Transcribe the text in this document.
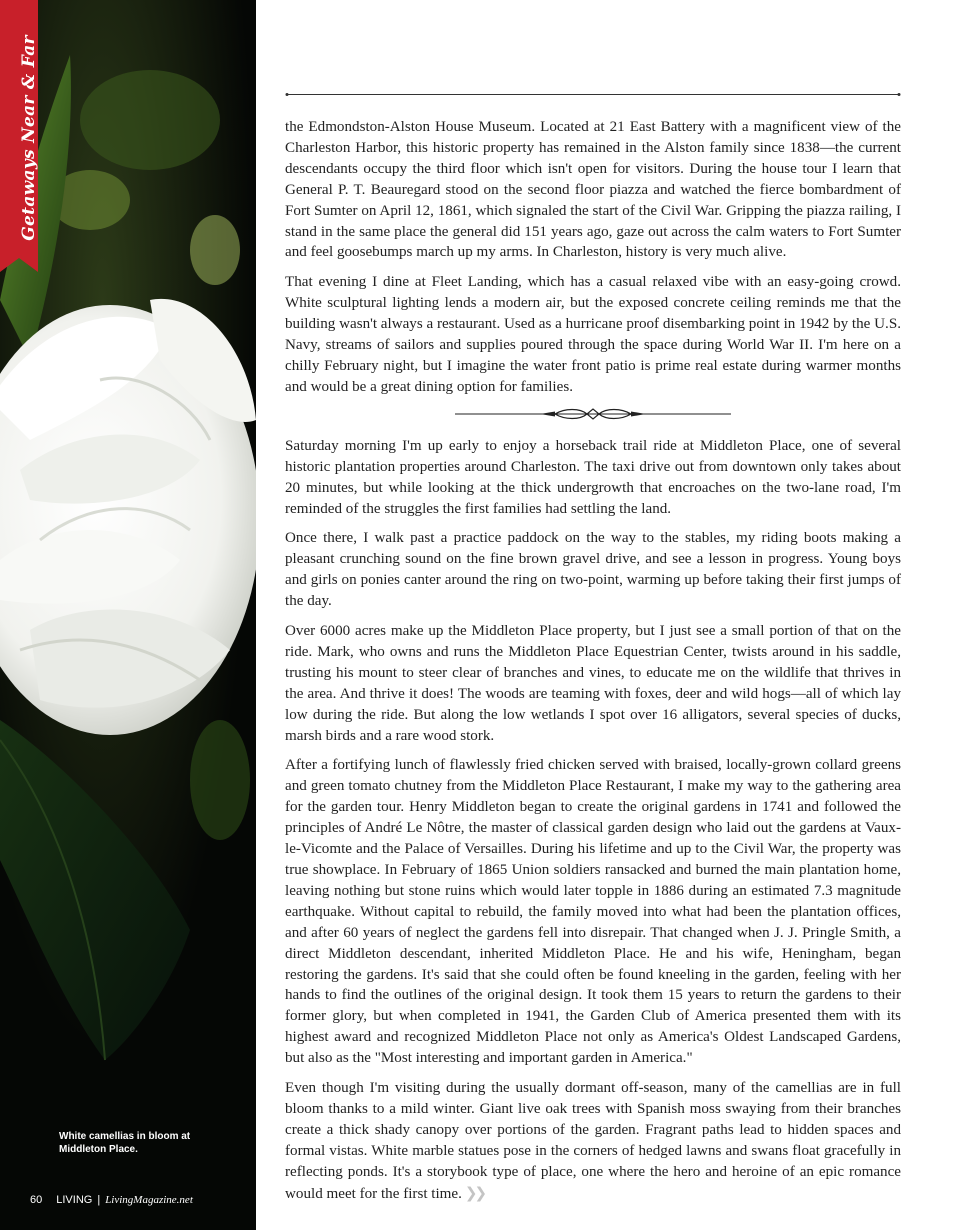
Getaways Near & Far
White camellias in bloom at Middleton Place.
60 LIVING | LivingMagazine.net

the Edmondston-Alston House Museum. Located at 21 East Battery with a magnificent view of the Charleston Harbor, this historic property has remained in the Alston family since 1838—the current descendants occupy the third floor which isn't open for visitors. During the house tour I learn that General P. T. Beauregard stood on the second floor piazza and watched the fierce bombardment of Fort Sumter on April 12, 1861, which signaled the start of the Civil War. Gripping the piazza railing, I stand in the same place the general did 151 years ago, gaze out across the calm waters to Fort Sumter and feel goosebumps march up my arms. In Charleston, history is very much alive.

That evening I dine at Fleet Landing, which has a casual relaxed vibe with an easy-going crowd. White sculptural lighting lends a modern air, but the exposed concrete ceiling reminds me that the building wasn't always a restaurant. Used as a hurricane proof disembarking point in 1942 by the U.S. Navy, streams of sailors and supplies poured through the space during World War II. I'm here on a chilly February night, but I imagine the water front patio is prime real estate during warmer months and would be a great dining option for families.

Saturday morning I'm up early to enjoy a horseback trail ride at Middleton Place, one of several historic plantation properties around Charleston. The taxi drive out from downtown only takes about 20 minutes, but while looking at the thick undergrowth that encroaches on the two-lane road, I'm reminded of the struggles the first families had settling the land.

Once there, I walk past a practice paddock on the way to the stables, my riding boots making a pleasant crunching sound on the fine brown gravel drive, and see a lesson in progress. Young boys and girls on ponies canter around the ring on two-point, warming up before taking their first jumps of the day.

Over 6000 acres make up the Middleton Place property, but I just see a small portion of that on the ride. Mark, who owns and runs the Middleton Place Equestrian Center, twists around in his saddle, trusting his mount to steer clear of branches and vines, to educate me on the wildlife that thrives in the area. And thrive it does! The woods are teaming with foxes, deer and wild hogs—all of which lay low during the ride. But along the low wetlands I spot over 16 alligators, several species of ducks, marsh birds and a rare wood stork.

After a fortifying lunch of flawlessly fried chicken served with braised, locally-grown collard greens and green tomato chutney from the Middleton Place Restaurant, I make my way to the gathering area for the garden tour. Henry Middleton began to create the original gardens in 1741 and followed the principles of André Le Nôtre, the master of classical garden design who laid out the gardens at Vaux-le-Vicomte and the Palace of Versailles. During his lifetime and up to the Civil War, the property was true showplace. In February of 1865 Union soldiers ransacked and burned the main plantation home, leaving nothing but stone ruins which would later topple in 1886 during an estimated 7.3 magnitude earthquake. Without capital to rebuild, the family moved into what had been the plantation offices, and after 60 years of neglect the gardens fell into disrepair. That changed when J. J. Pringle Smith, a direct Middleton descendant, inherited Middleton Place. He and his wife, Heningham, began restoring the gardens. It's said that she could often be found kneeling in the garden, feeling with her hands to find the outlines of the original design. It took them 15 years to return the gardens to their former glory, but when completed in 1941, the Garden Club of America presented them with its highest award and recognized Middleton Place not only as America's Oldest Landscaped Gardens, but also as the "Most interesting and important garden in America."

Even though I'm visiting during the usually dormant off-season, many of the camellias are in full bloom thanks to a mild winter. Giant live oak trees with Spanish moss swaying from their branches create a thick shady canopy over portions of the garden. Fragrant paths lead to hidden spaces and formal vistas. White marble statues pose in the corners of hedged lawns and swans float gracefully in reflecting ponds. It's a storybook type of place, one where the hero and heroine of an epic romance would meet for the first time. ❯❯
